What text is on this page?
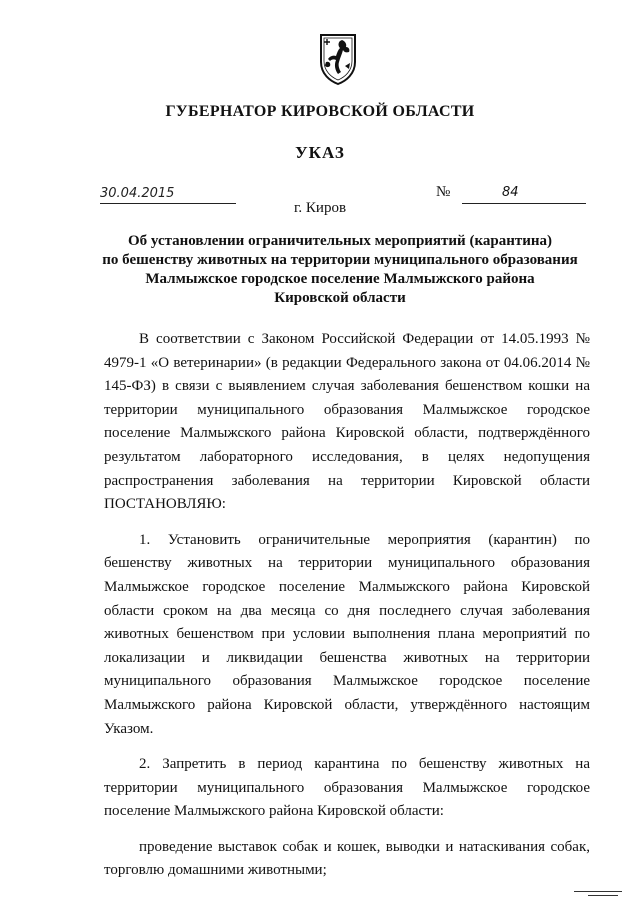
ГУБЕРНАТОР КИРОВСКОЙ ОБЛАСТИ
УКАЗ
30.04.2015	№	84
г. Киров
Об установлении ограничительных мероприятий (карантина)
по бешенству животных на территории муниципального образования
Малмыжское городское поселение Малмыжского района
Кировской области

В соответствии с Законом Российской Федерации от 14.05.1993 № 4979-1 «О ветеринарии» (в редакции Федерального закона от 04.06.2014 № 145-ФЗ) в связи с выявлением случая заболевания бешенством кошки на территории муниципального образования Малмыжское городское поселение Малмыжского района Кировской области, подтверждённого результатом лабораторного исследования, в целях недопущения распространения заболевания на территории Кировской области ПОСТАНОВЛЯЮ:

1. Установить ограничительные мероприятия (карантин) по бешенству животных на территории муниципального образования Малмыжское городское поселение Малмыжского района Кировской области сроком на два месяца со дня последнего случая заболевания животных бешенством при условии выполнения плана мероприятий по локализации и ликвидации бешенства животных на территории муниципального образования Малмыжское городское поселение Малмыжского района Кировской области, утверждённого настоящим Указом.

2. Запретить в период карантина по бешенству животных на территории муниципального образования Малмыжское городское поселение Малмыжского района Кировской области:

проведение выставок собак и кошек, выводки и натаскивания собак, торговлю домашними животными;
